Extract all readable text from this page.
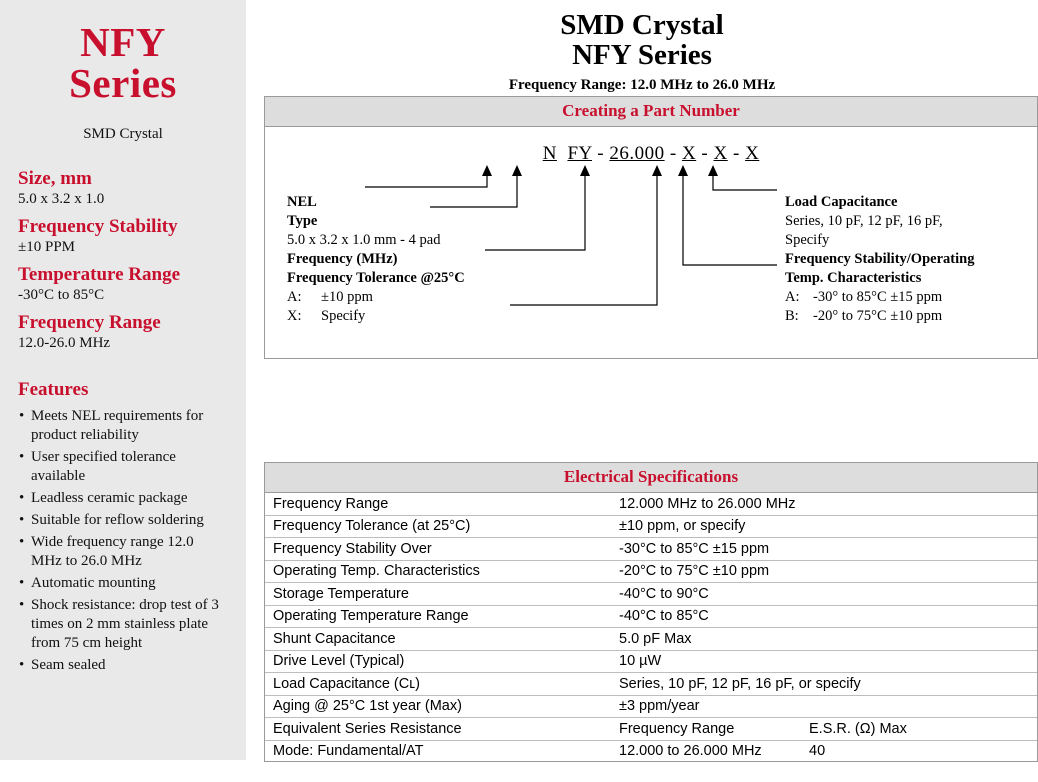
NFY
Series
SMD Crystal
Size, mm
5.0 x 3.2 x 1.0
Frequency Stability
±10 PPM
Temperature Range
-30°C to 85°C
Frequency Range
12.0-26.0 MHz
Features
• Meets NEL requirements for product reliability
• User specified tolerance available
• Leadless ceramic package
• Suitable for reflow soldering
• Wide frequency range 12.0 MHz to 26.0 MHz
• Automatic mounting
• Shock resistance: drop test of 3 times on 2 mm stainless plate from 75 cm height
• Seam sealed
SMD Crystal
NFY Series
Frequency Range: 12.0 MHz to 26.0 MHz
Creating a Part Number
N FY - 26.000 - X - X - X
NEL
Type
5.0 x 3.2 x 1.0 mm - 4 pad
Frequency (MHz)
Frequency Tolerance @25°C
A: ±10 ppm
X: Specify
Load Capacitance
Series, 10 pF, 12 pF, 16 pF,
Specify
Frequency Stability/Operating
Temp. Characteristics
A: -30° to 85°C ±15 ppm
B: -20° to 75°C ±10 ppm
Electrical Specifications
Frequency Range	12.000 MHz to 26.000 MHz
Frequency Tolerance (at 25°C)	±10 ppm, or specify
Frequency Stability Over	-30°C to 85°C ±15 ppm
Operating Temp. Characteristics	-20°C to 75°C ±10 ppm
Storage Temperature	-40°C to 90°C
Operating Temperature Range	-40°C to 85°C
Shunt Capacitance	5.0 pF Max
Drive Level (Typical)	10 µW
Load Capacitance (Cʟ)	Series, 10 pF, 12 pF, 16 pF, or specify
Aging @ 25°C 1st year (Max)	±3 ppm/year
Equivalent Series Resistance	Frequency Range E.S.R. (Ω) Max

Mode: Fundamental/AT	12.000 to 26.000 MHz 40
